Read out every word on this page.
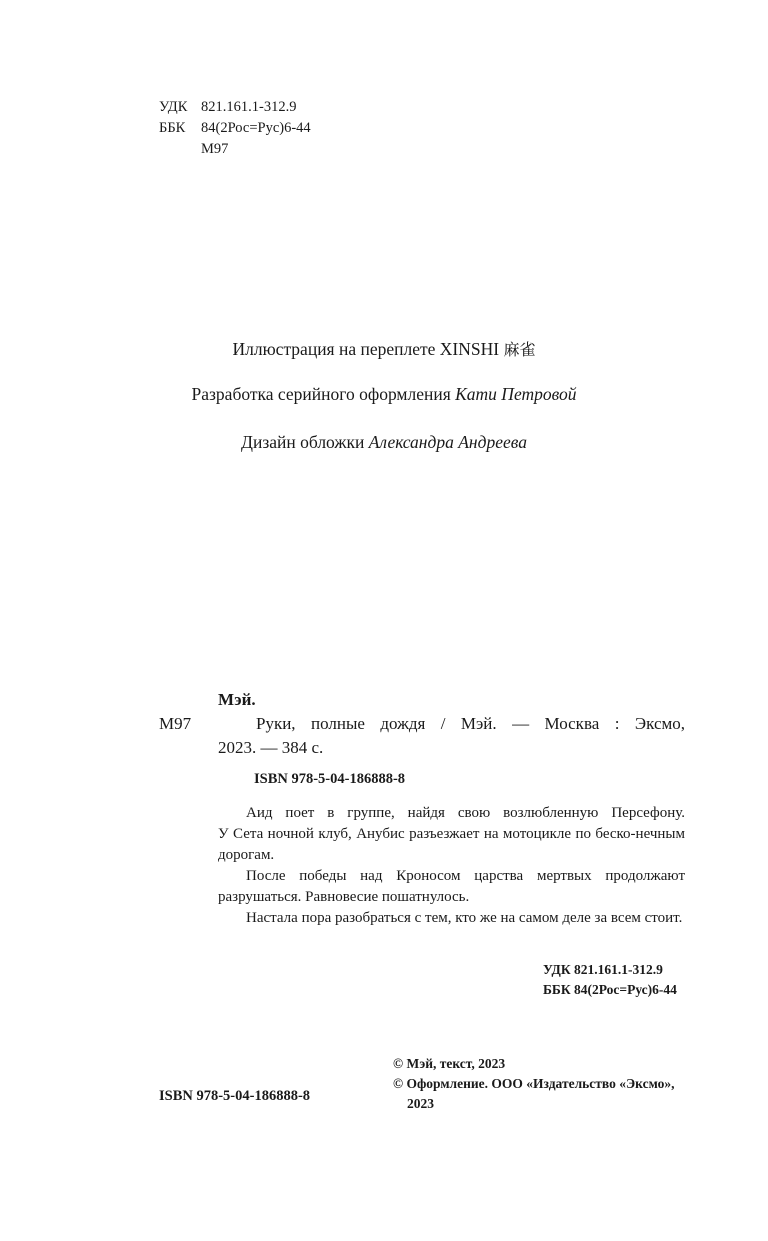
УДК 821.161.1-312.9
ББК 84(2Рос=Рус)6-44
М97
Иллюстрация на переплете XINSHI 麻雀
Разработка серийного оформления Кати Петровой
Дизайн обложки Александра Андреева
Мэй.
М97	Руки, полные дождя / Мэй. — Москва : Эксмо,
2023. — 384 с.
ISBN 978-5-04-186888-8
Аид поет в группе, найдя свою возлюбленную Персефону.
У Сета ночной клуб, Анубис разъезжает на мотоцикле по беско-нечным дорогам.
После победы над Кроносом царства мертвых продолжают разрушаться. Равновесие пошатнулось.
Настала пора разобраться с тем, кто же на самом деле за всем стоит.
УДК 821.161.1-312.9
ББК 84(2Рос=Рус)6-44
ISBN 978-5-04-186888-8
© Мэй, текст, 2023
© Оформление. ООО «Издательство «Эксмо»,
2023
